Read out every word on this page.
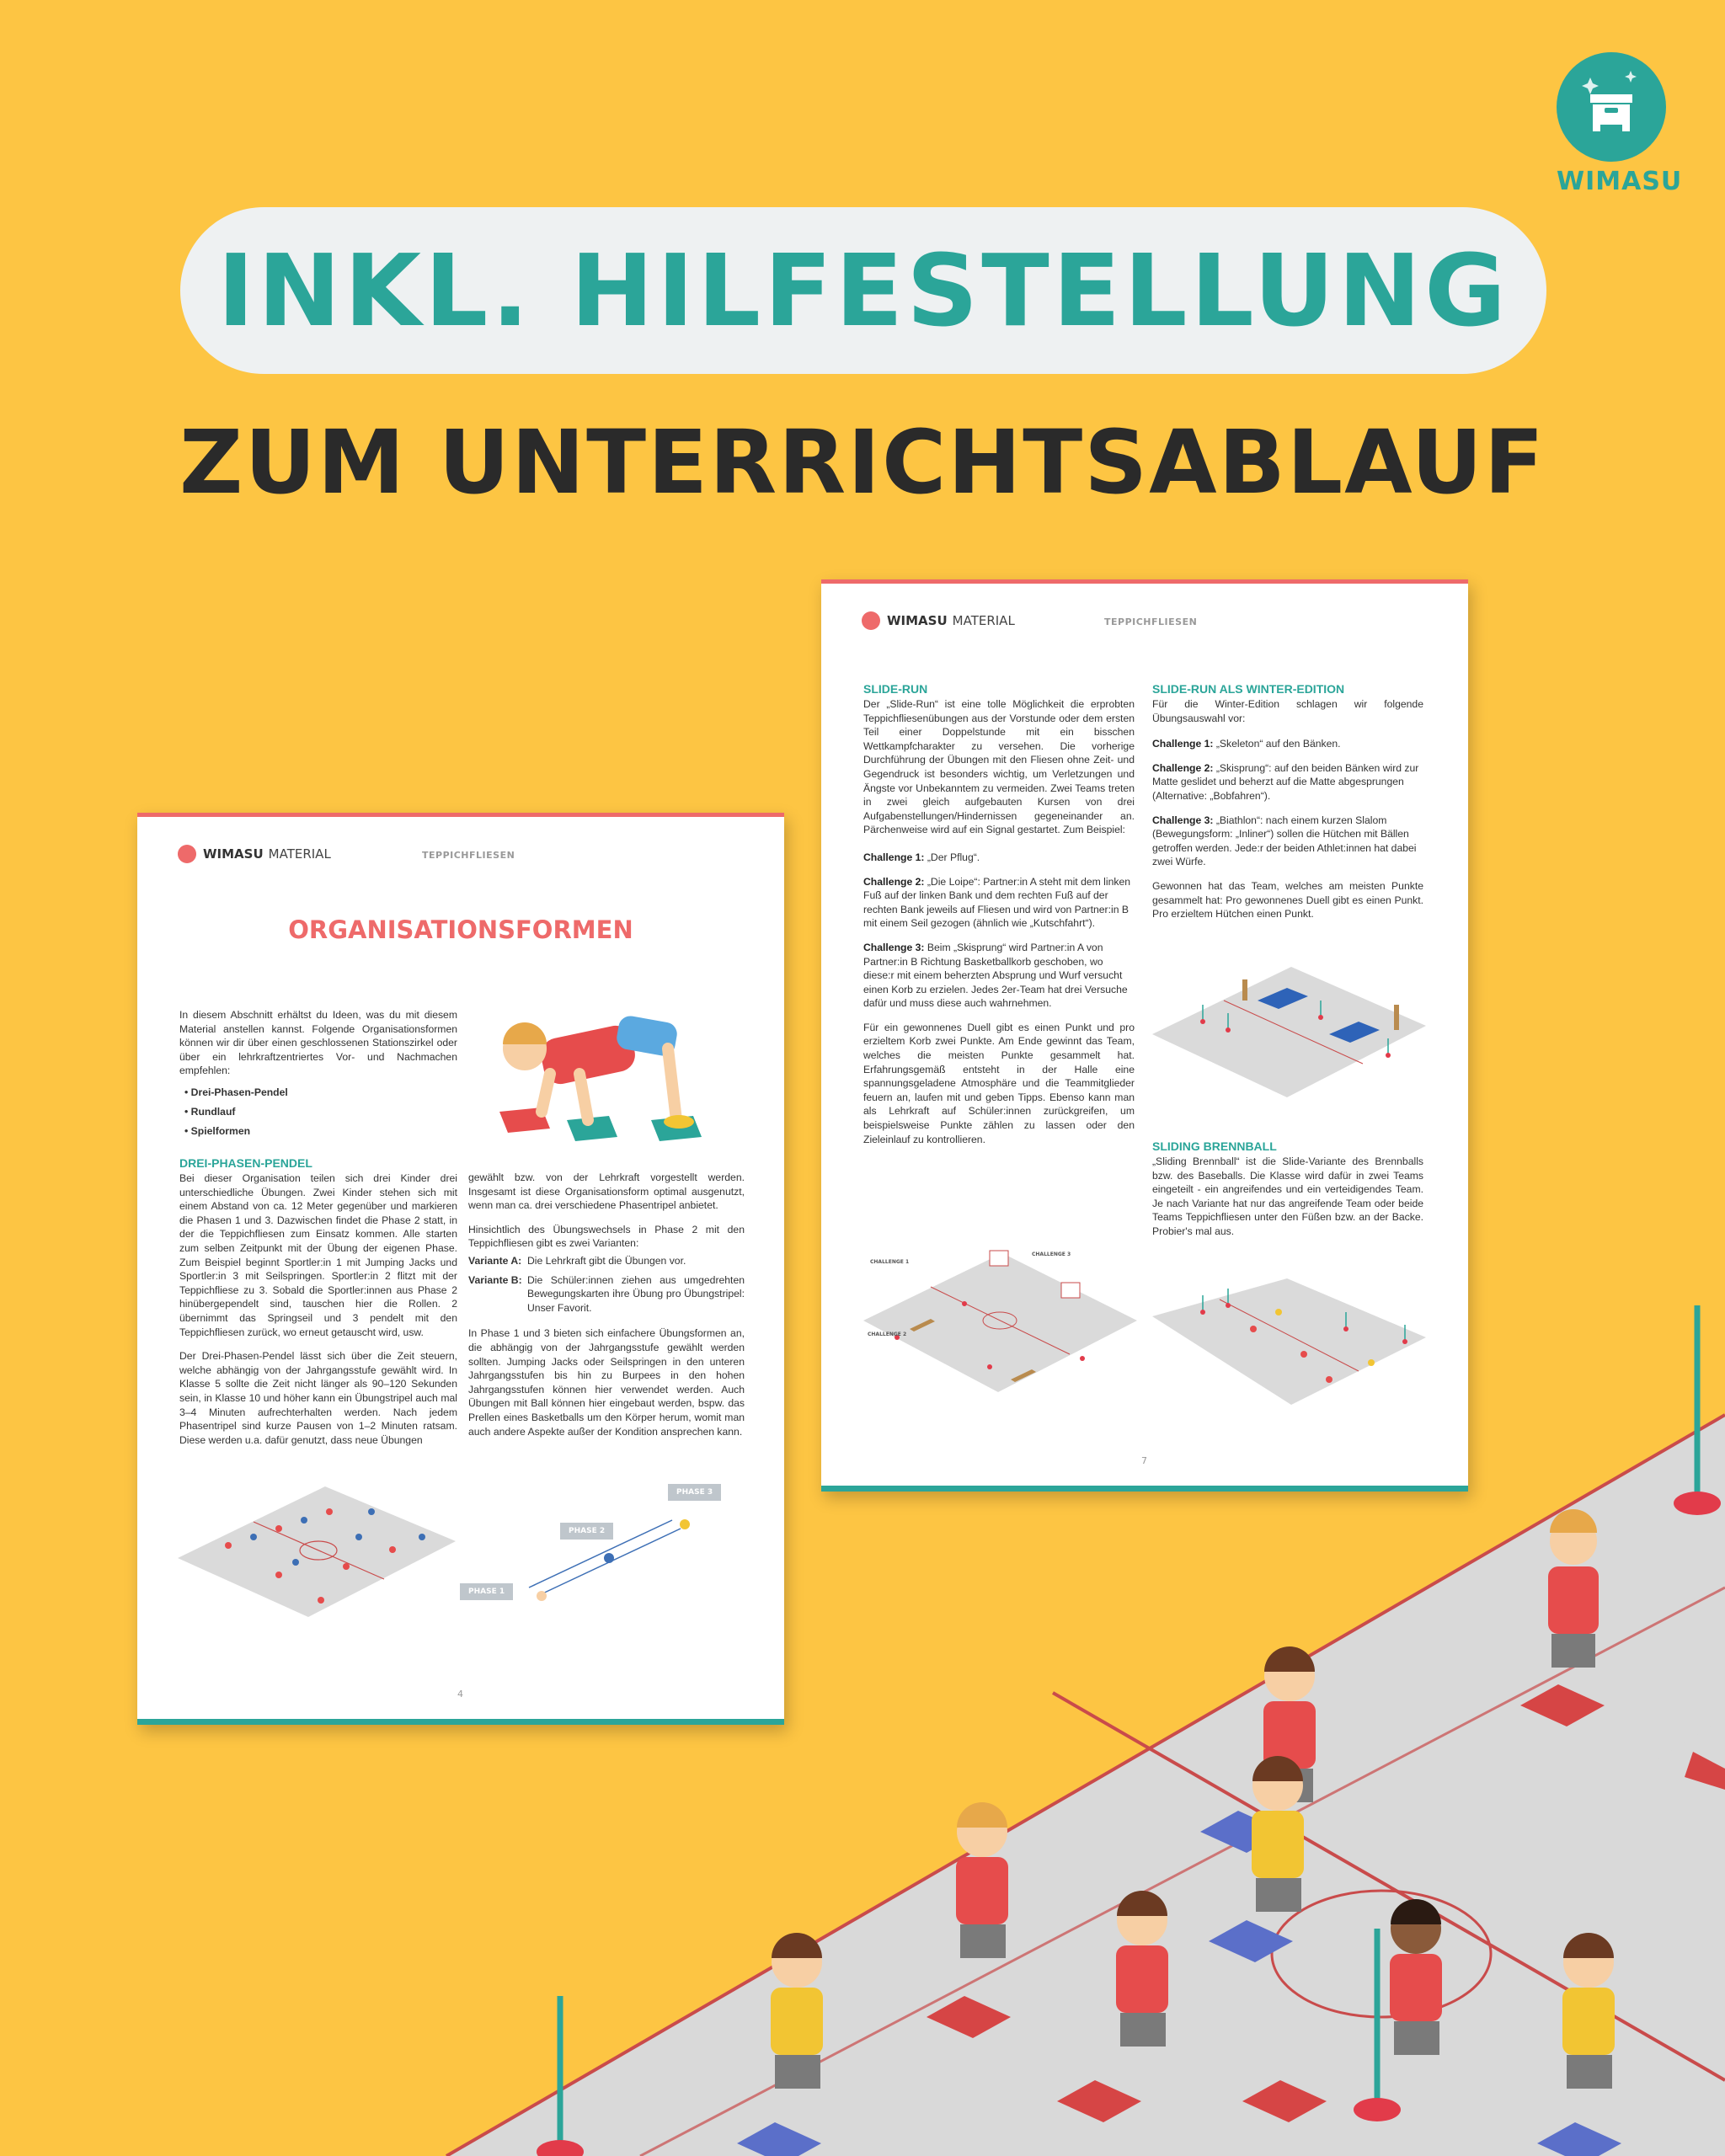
WIMASU
INKL. HILFESTELLUNG
ZUM UNTERRICHTSABLAUF
WIMASU MATERIAL	TEPPICHFLIESEN
ORGANISATIONSFORMEN

In diesem Abschnitt erhältst du Ideen, was du mit diesem Material anstellen kannst. Folgende Organisationsformen können wir dir über einen geschlossenen Stationszirkel oder über ein lehrkraftzentriertes Vor- und Nachmachen empfehlen:

• Drei-Phasen-Pendel
• Rundlauf
• Spielformen
DREI-PHASEN-PENDEL

Bei dieser Organisation teilen sich drei Kinder drei unterschiedliche Übungen. Zwei Kinder stehen sich mit einem Abstand von ca. 12 Meter gegenüber und markieren die Phasen 1 und 3. Dazwischen findet die Phase 2 statt, in der die Teppichfliesen zum Einsatz kommen. Alle starten zum selben Zeitpunkt mit der Übung der eigenen Phase. Zum Beispiel beginnt Sportler:in 1 mit Jumping Jacks und Sportler:in 3 mit Seilspringen. Sportler:in 2 flitzt mit der Teppichfliese zu 3. Sobald die Sportler:innen aus Phase 2 hinübergependelt sind, tauschen hier die Rollen. 2 übernimmt das Springseil und 3 pendelt mit den Teppichfliesen zurück, wo erneut getauscht wird, usw.

Der Drei-Phasen-Pendel lässt sich über die Zeit steuern, welche abhängig von der Jahrgangsstufe gewählt wird. In Klasse 5 sollte die Zeit nicht länger als 90–120 Sekunden sein, in Klasse 10 und höher kann ein Übungstripel auch mal 3–4 Minuten aufrechterhalten werden. Nach jedem Phasentripel sind kurze Pausen von 1–2 Minuten ratsam. Diese werden u.a. dafür genutzt, dass neue Übungen

gewählt bzw. von der Lehrkraft vorgestellt werden. Insgesamt ist diese Organisationsform optimal ausgenutzt, wenn man ca. drei verschiedene Phasentripel anbietet.

Hinsichtlich des Übungswechsels in Phase 2 mit den Teppichfliesen gibt es zwei Varianten:

Variante A: Die Lehrkraft gibt die Übungen vor.
Variante B: Die Schüler:innen ziehen aus umgedrehten Bewegungskarten ihre Übung pro Übungstripel: Unser Favorit.

In Phase 1 und 3 bieten sich einfachere Übungsformen an, die abhängig von der Jahrgangsstufe gewählt werden sollten. Jumping Jacks oder Seilspringen in den unteren Jahrgangsstufen bis hin zu Burpees in den hohen Jahrgangsstufen können hier verwendet werden. Auch Übungen mit Ball können hier eingebaut werden, bspw. das Prellen eines Basketballs um den Körper herum, womit man auch andere Aspekte außer der Kondition ansprechen kann.

PHASE 1
PHASE 2
PHASE 3
4
WIMASU MATERIAL	TEPPICHFLIESEN
SLIDE-RUN

Der „Slide-Run“ ist eine tolle Möglichkeit die erprobten Teppichfliesenübungen aus der Vorstunde oder dem ersten Teil einer Doppelstunde mit ein bisschen Wettkampfcharakter zu versehen. Die vorherige Durchführung der Übungen mit den Fliesen ohne Zeit- und Gegendruck ist besonders wichtig, um Verletzungen und Ängste vor Unbekanntem zu vermeiden. Zwei Teams treten in zwei gleich aufgebauten Kursen von drei Aufgabenstellungen/Hindernissen gegeneinander an. Pärchenweise wird auf ein Signal gestartet. Zum Beispiel:

Challenge 1: „Der Pflug“.
Challenge 2: „Die Loipe“: Partner:in A steht mit dem linken Fuß auf der linken Bank und dem rechten Fuß auf der rechten Bank jeweils auf Fliesen und wird von Partner:in B mit einem Seil gezogen (ähnlich wie „Kutschfahrt“).
Challenge 3: Beim „Skisprung“ wird Partner:in A von Partner:in B Richtung Basketballkorb geschoben, wo diese:r mit einem beherzten Absprung und Wurf versucht einen Korb zu erzielen. Jedes 2er-Team hat drei Versuche dafür und muss diese auch wahrnehmen.

Für ein gewonnenes Duell gibt es einen Punkt und pro erzieltem Korb zwei Punkte. Am Ende gewinnt das Team, welches die meisten Punkte gesammelt hat. Erfahrungsgemäß entsteht in der Halle eine spannungsgeladene Atmosphäre und die Teammitglieder feuern an, laufen mit und geben Tipps. Ebenso kann man als Lehrkraft auf Schüler:innen zurückgreifen, um beispielsweise Punkte zählen zu lassen oder den Zieleinlauf zu kontrollieren.

SLIDE-RUN ALS WINTER-EDITION

Für die Winter-Edition schlagen wir folgende Übungsauswahl vor:

Challenge 1: „Skeleton“ auf den Bänken.
Challenge 2: „Skisprung“: auf den beiden Bänken wird zur Matte geslidet und beherzt auf die Matte abgesprungen (Alternative: „Bobfahren“).
Challenge 3: „Biathlon“: nach einem kurzen Slalom (Bewegungsform: „Inliner“) sollen die Hütchen mit Bällen getroffen werden. Jede:r der beiden Athlet:innen hat dabei zwei Würfe.

Gewonnen hat das Team, welches am meisten Punkte gesammelt hat: Pro gewonnenes Duell gibt es einen Punkt. Pro erzieltem Hütchen einen Punkt.

SLIDING BRENNBALL

„Sliding Brennball“ ist die Slide-Variante des Brennballs bzw. des Baseballs. Die Klasse wird dafür in zwei Teams eingeteilt - ein angreifendes und ein verteidigendes Team. Je nach Variante hat nur das angreifende Team oder beide Teams Teppichfliesen unter den Füßen bzw. an der Backe. Probier's mal aus.

CHALLENGE 1
CHALLENGE 2
CHALLENGE 3
7
